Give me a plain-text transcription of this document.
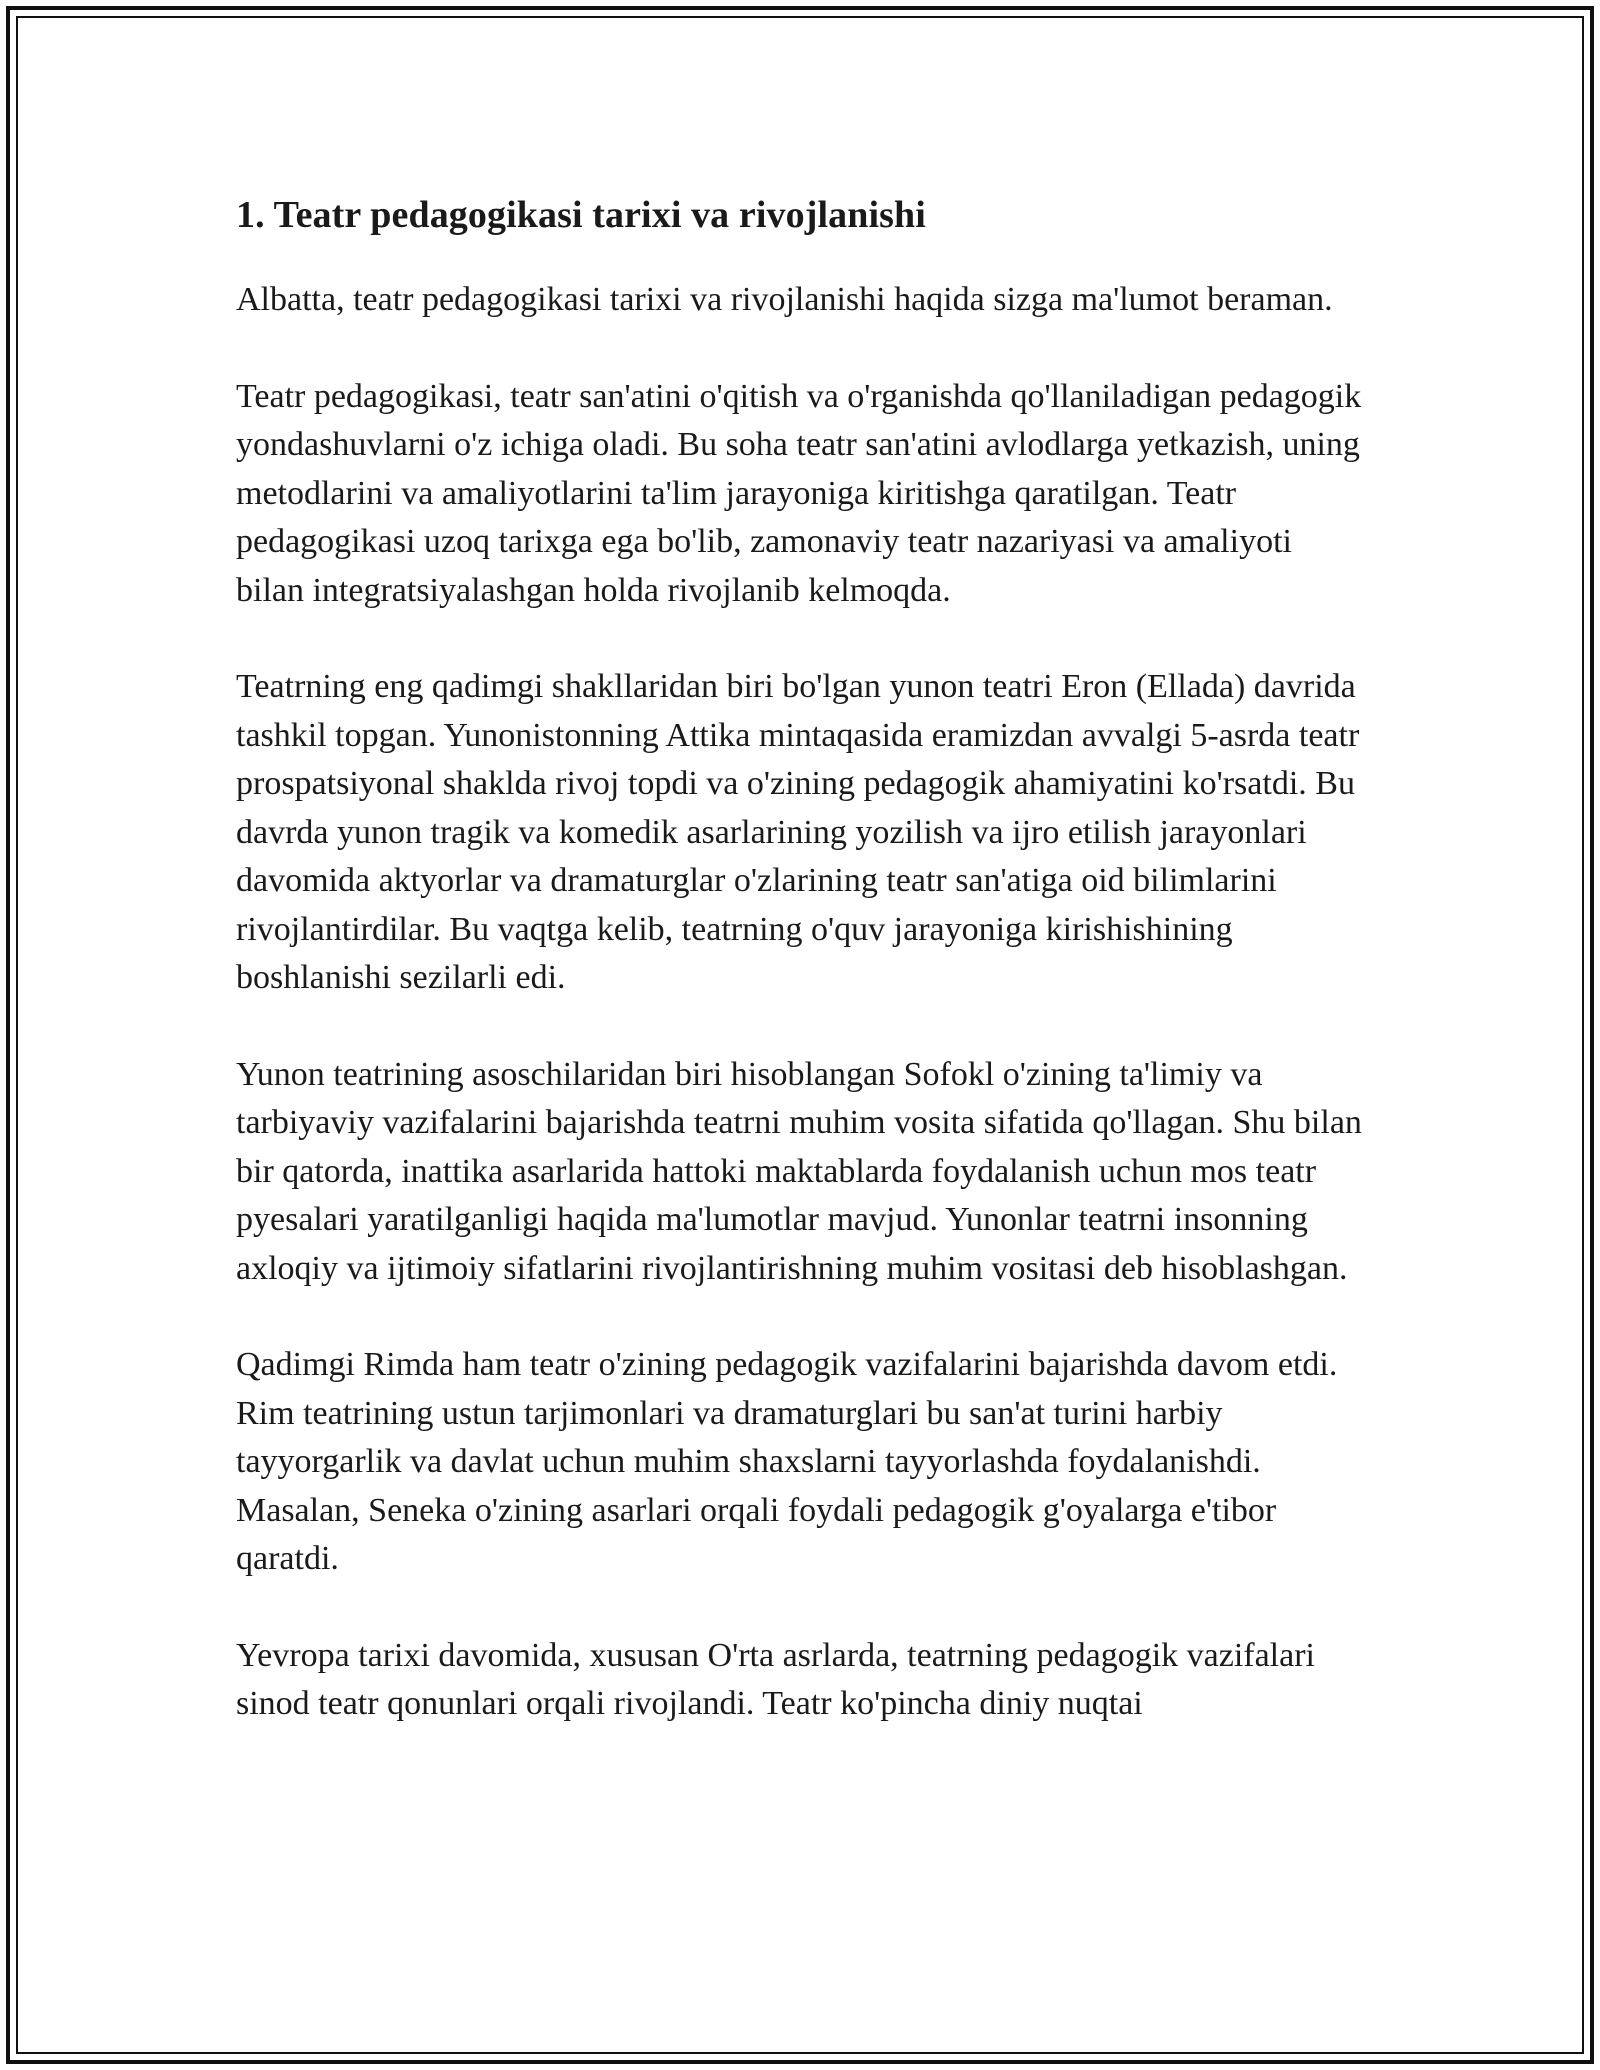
1. Teatr pedagogikasi tarixi va rivojlanishi

Albatta, teatr pedagogikasi tarixi va rivojlanishi haqida sizga ma'lumot beraman.

Teatr pedagogikasi, teatr san'atini o'qitish va o'rganishda qo'llaniladigan pedagogik yondashuvlarni o'z ichiga oladi. Bu soha teatr san'atini avlodlarga yetkazish, uning metodlarini va amaliyotlarini ta'lim jarayoniga kiritishga qaratilgan. Teatr pedagogikasi uzoq tarixga ega bo'lib, zamonaviy teatr nazariyasi va amaliyoti bilan integratsiyalashgan holda rivojlanib kelmoqda.

Teatrning eng qadimgi shakllaridan biri bo'lgan yunon teatri Eron (Ellada) davrida tashkil topgan. Yunonistonning Attika mintaqasida eramizdan avvalgi 5-asrda teatr prospatsiyonal shaklda rivoj topdi va o'zining pedagogik ahamiyatini ko'rsatdi. Bu davrda yunon tragik va komedik asarlarining yozilish va ijro etilish jarayonlari davomida aktyorlar va dramaturglar o'zlarining teatr san'atiga oid bilimlarini rivojlantirdilar. Bu vaqtga kelib, teatrning o'quv jarayoniga kirishishining boshlanishi sezilarli edi.

Yunon teatrining asoschilaridan biri hisoblangan Sofokl o'zining ta'limiy va tarbiyaviy vazifalarini bajarishda teatrni muhim vosita sifatida qo'llagan. Shu bilan bir qatorda, inattika asarlarida hattoki maktablarda foydalanish uchun mos teatr pyesalari yaratilganligi haqida ma'lumotlar mavjud. Yunonlar teatrni insonning axloqiy va ijtimoiy sifatlarini rivojlantirishning muhim vositasi deb hisoblashgan.

Qadimgi Rimda ham teatr o'zining pedagogik vazifalarini bajarishda davom etdi. Rim teatrining ustun tarjimonlari va dramaturglari bu san'at turini harbiy tayyorgarlik va davlat uchun muhim shaxslarni tayyorlashda foydalanishdi. Masalan, Seneka o'zining asarlari orqali foydali pedagogik g'oyalarga e'tibor qaratdi.

Yevropa tarixi davomida, xususan O'rta asrlarda, teatrning pedagogik vazifalari sinod teatr qonunlari orqali rivojlandi. Teatr ko'pincha diniy nuqtai
